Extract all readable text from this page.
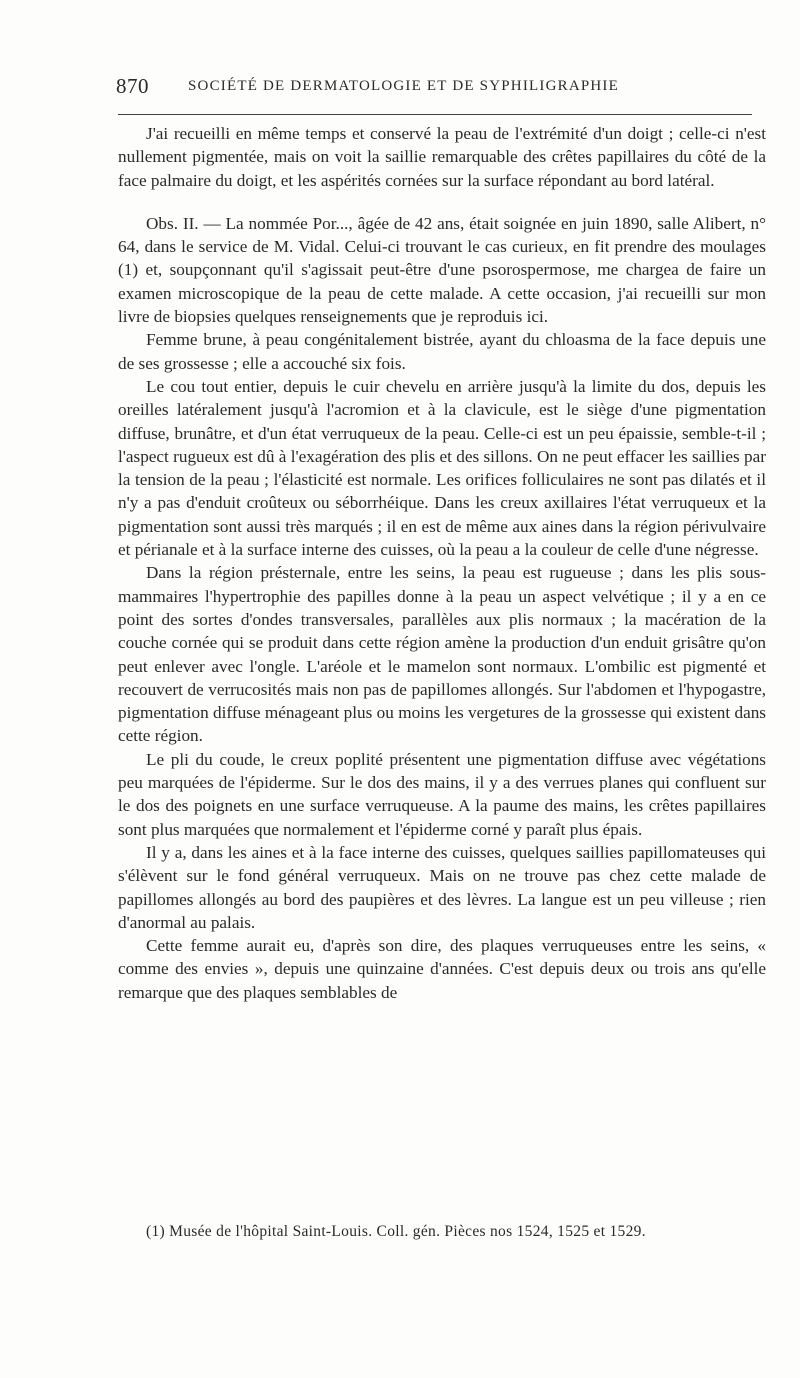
870	SOCIÉTÉ DE DERMATOLOGIE ET DE SYPHILIGRAPHIE

J'ai recueilli en même temps et conservé la peau de l'extrémité d'un doigt ; celle-ci n'est nullement pigmentée, mais on voit la saillie remarquable des crêtes papillaires du côté de la face palmaire du doigt, et les aspérités cornées sur la surface répondant au bord latéral.

Obs. II. — La nommée Por..., âgée de 42 ans, était soignée en juin 1890, salle Alibert, n° 64, dans le service de M. Vidal. Celui-ci trouvant le cas curieux, en fit prendre des moulages (1) et, soupçonnant qu'il s'agissait peut-être d'une psorospermose, me chargea de faire un examen microscopique de la peau de cette malade. A cette occasion, j'ai recueilli sur mon livre de biopsies quelques renseignements que je reproduis ici.

Femme brune, à peau congénitalement bistrée, ayant du chloasma de la face depuis une de ses grossesse ; elle a accouché six fois.

Le cou tout entier, depuis le cuir chevelu en arrière jusqu'à la limite du dos, depuis les oreilles latéralement jusqu'à l'acromion et à la clavicule, est le siège d'une pigmentation diffuse, brunâtre, et d'un état verruqueux de la peau. Celle-ci est un peu épaissie, semble-t-il ; l'aspect rugueux est dû à l'exagération des plis et des sillons. On ne peut effacer les saillies par la tension de la peau ; l'élasticité est normale. Les orifices folliculaires ne sont pas dilatés et il n'y a pas d'enduit croûteux ou séborrhéique. Dans les creux axillaires l'état verruqueux et la pigmentation sont aussi très marqués ; il en est de même aux aines dans la région périvulvaire et périanale et à la surface interne des cuisses, où la peau a la couleur de celle d'une négresse.

Dans la région présternale, entre les seins, la peau est rugueuse ; dans les plis sous-mammaires l'hypertrophie des papilles donne à la peau un aspect velvétique ; il y a en ce point des sortes d'ondes transversales, parallèles aux plis normaux ; la macération de la couche cornée qui se produit dans cette région amène la production d'un enduit grisâtre qu'on peut enlever avec l'ongle. L'aréole et le mamelon sont normaux. L'ombilic est pigmenté et recouvert de verrucosités mais non pas de papillomes allongés. Sur l'abdomen et l'hypogastre, pigmentation diffuse ménageant plus ou moins les vergetures de la grossesse qui existent dans cette région.

Le pli du coude, le creux poplité présentent une pigmentation diffuse avec végétations peu marquées de l'épiderme. Sur le dos des mains, il y a des verrues planes qui confluent sur le dos des poignets en une surface verruqueuse. A la paume des mains, les crêtes papillaires sont plus marquées que normalement et l'épiderme corné y paraît plus épais.

Il y a, dans les aines et à la face interne des cuisses, quelques saillies papillomateuses qui s'élèvent sur le fond général verruqueux. Mais on ne trouve pas chez cette malade de papillomes allongés au bord des paupières et des lèvres. La langue est un peu villeuse ; rien d'anormal au palais.

Cette femme aurait eu, d'après son dire, des plaques verruqueuses entre les seins, « comme des envies », depuis une quinzaine d'années. C'est depuis deux ou trois ans qu'elle remarque que des plaques semblables de

(1) Musée de l'hôpital Saint-Louis. Coll. gén. Pièces nos 1524, 1525 et 1529.
